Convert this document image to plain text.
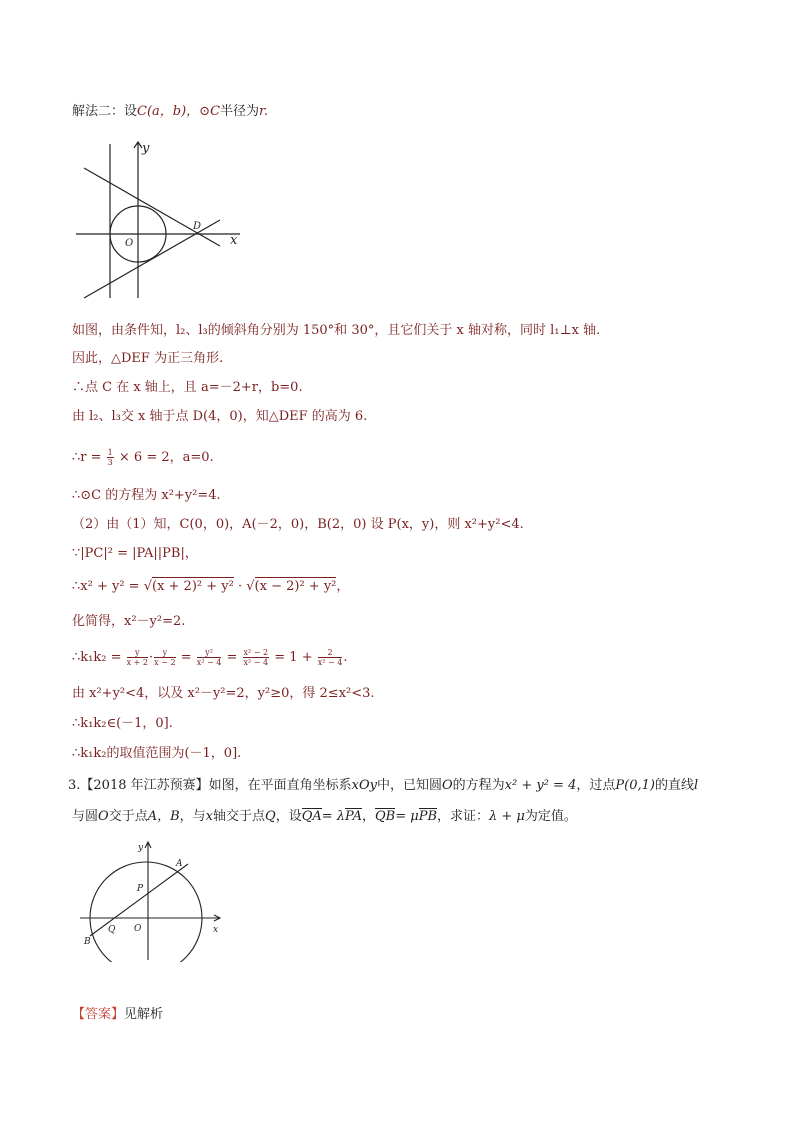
解法二：设C(a，b)，⊙C半径为r.
y
x
O
D
如图，由条件知，l₂、l₃的倾斜角分别为 150°和 30°，且它们关于 x 轴对称，同时 l₁⊥x 轴.
因此，△DEF 为正三角形.
∴点 C 在 x 轴上，且 a=－2+r，b=0.
由 l₂、l₃交 x 轴于点 D(4，0)，知△DEF 的高为 6.
∴r = $\frac{1}{3} \times 6 = 2$，a=0.
∴⊙C 的方程为 x²+y²=4.
（2）由（1）知，C(0，0)，A(－2，0)，B(2，0) 设 P(x，y)，则 x²+y²<4.
∵|PC|² = |PA||PB|，
∴x² + y² = √(x + 2)² + y² · √(x − 2)² + y²，
化简得，x²－y²=2.
∴k₁k₂ = $\frac{y}{x + 2} \cdot \frac{y}{x - 2} = \frac{\text{y²}}{\text{x² − 4}} = \frac{\text{x² − 2}}{\text{x² − 4}} = 1 + \frac{2}{\text{x² − 4}}$ .
由 x²+y²<4，以及 x²－y²=2，y²≥0，得 2≤x²<3.
∴k₁k₂∈(－1，0].
∴k₁k₂的取值范围为(－1，0].
3.【2018 年江苏预赛】如图，在平面直角坐标系xOy中，已知圆O的方程为x² + y² = 4，过点P(0,1)的直线l
与圆O交于点A，B，与x轴交于点Q，设QA= λPA，QB= μPB，求证：λ + μ为定值。
y
x
O
A
B
P
Q
【答案】见解析
